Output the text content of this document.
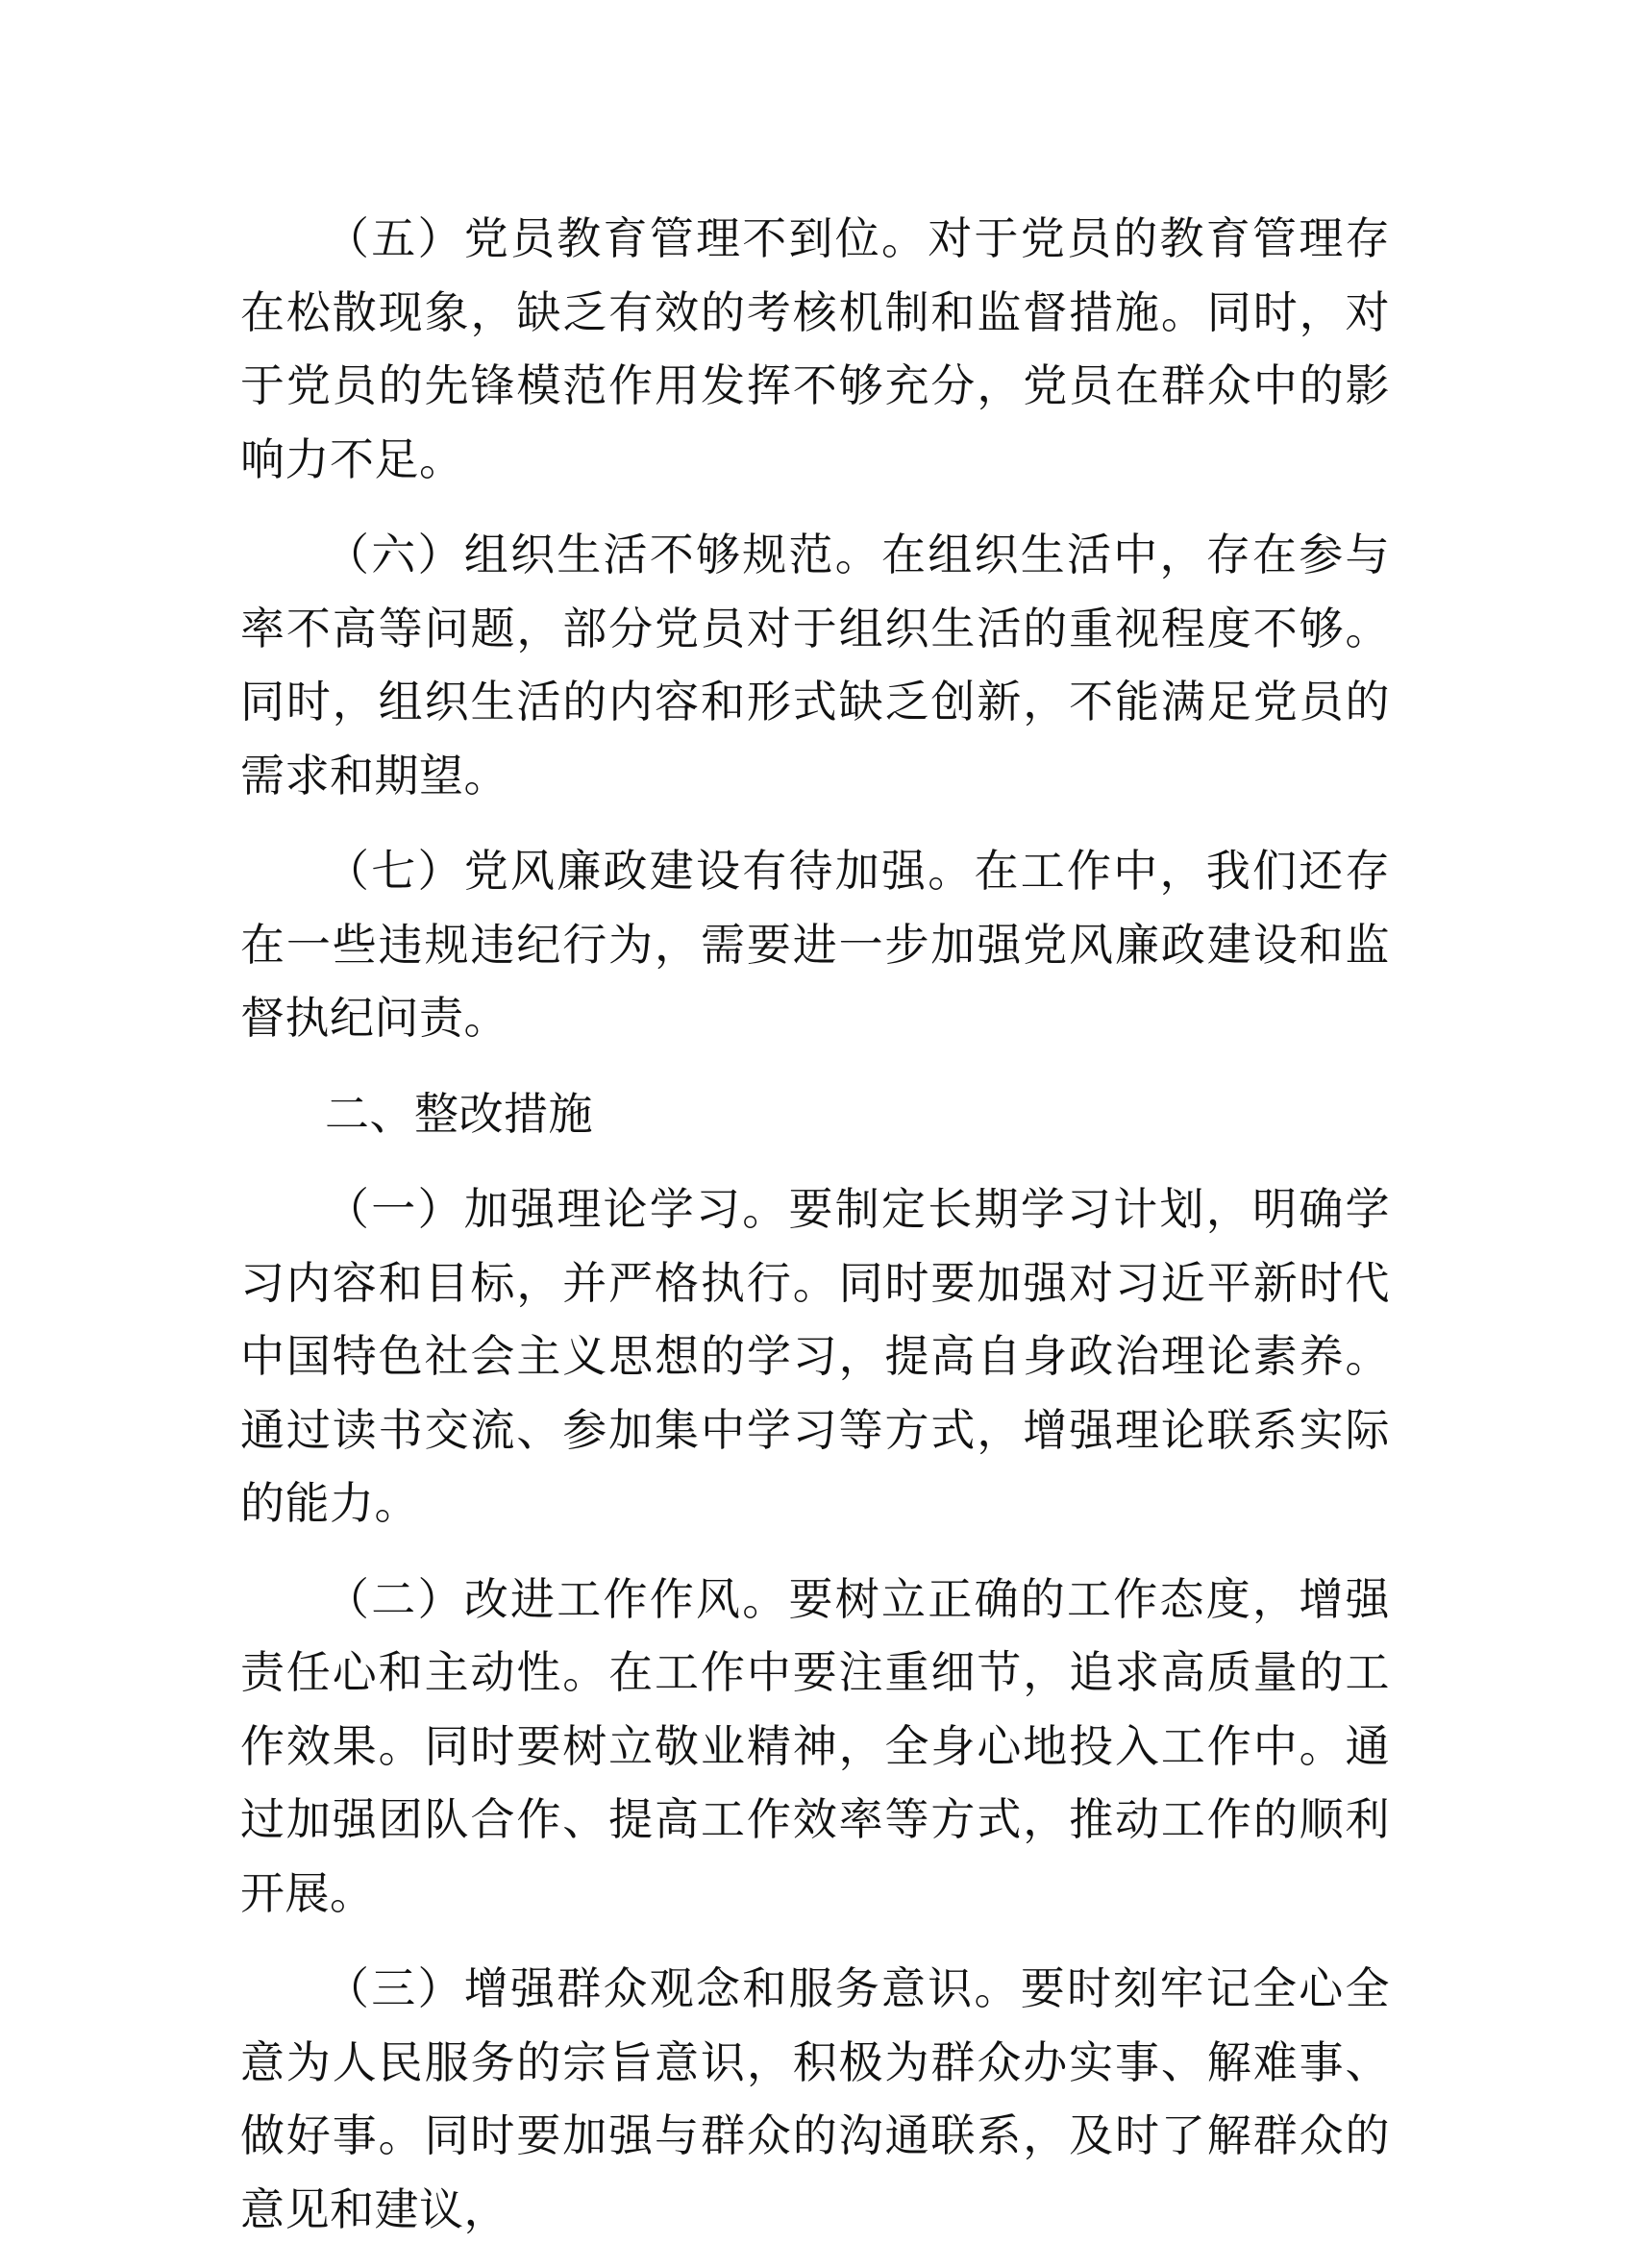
（五）党员教育管理不到位。对于党员的教育管理存在松散现象，缺乏有效的考核机制和监督措施。同时，对于党员的先锋模范作用发挥不够充分，党员在群众中的影响力不足。

（六）组织生活不够规范。在组织生活中，存在参与率不高等问题，部分党员对于组织生活的重视程度不够。同时，组织生活的内容和形式缺乏创新，不能满足党员的需求和期望。

（七）党风廉政建设有待加强。在工作中，我们还存在一些违规违纪行为，需要进一步加强党风廉政建设和监督执纪问责。

二、整改措施

（一）加强理论学习。要制定长期学习计划，明确学习内容和目标，并严格执行。同时要加强对习近平新时代中国特色社会主义思想的学习，提高自身政治理论素养。通过读书交流、参加集中学习等方式，增强理论联系实际的能力。

（二）改进工作作风。要树立正确的工作态度，增强责任心和主动性。在工作中要注重细节，追求高质量的工作效果。同时要树立敬业精神，全身心地投入工作中。通过加强团队合作、提高工作效率等方式，推动工作的顺利开展。

（三）增强群众观念和服务意识。要时刻牢记全心全意为人民服务的宗旨意识，积极为群众办实事、解难事、做好事。同时要加强与群众的沟通联系，及时了解群众的意见和建议，
